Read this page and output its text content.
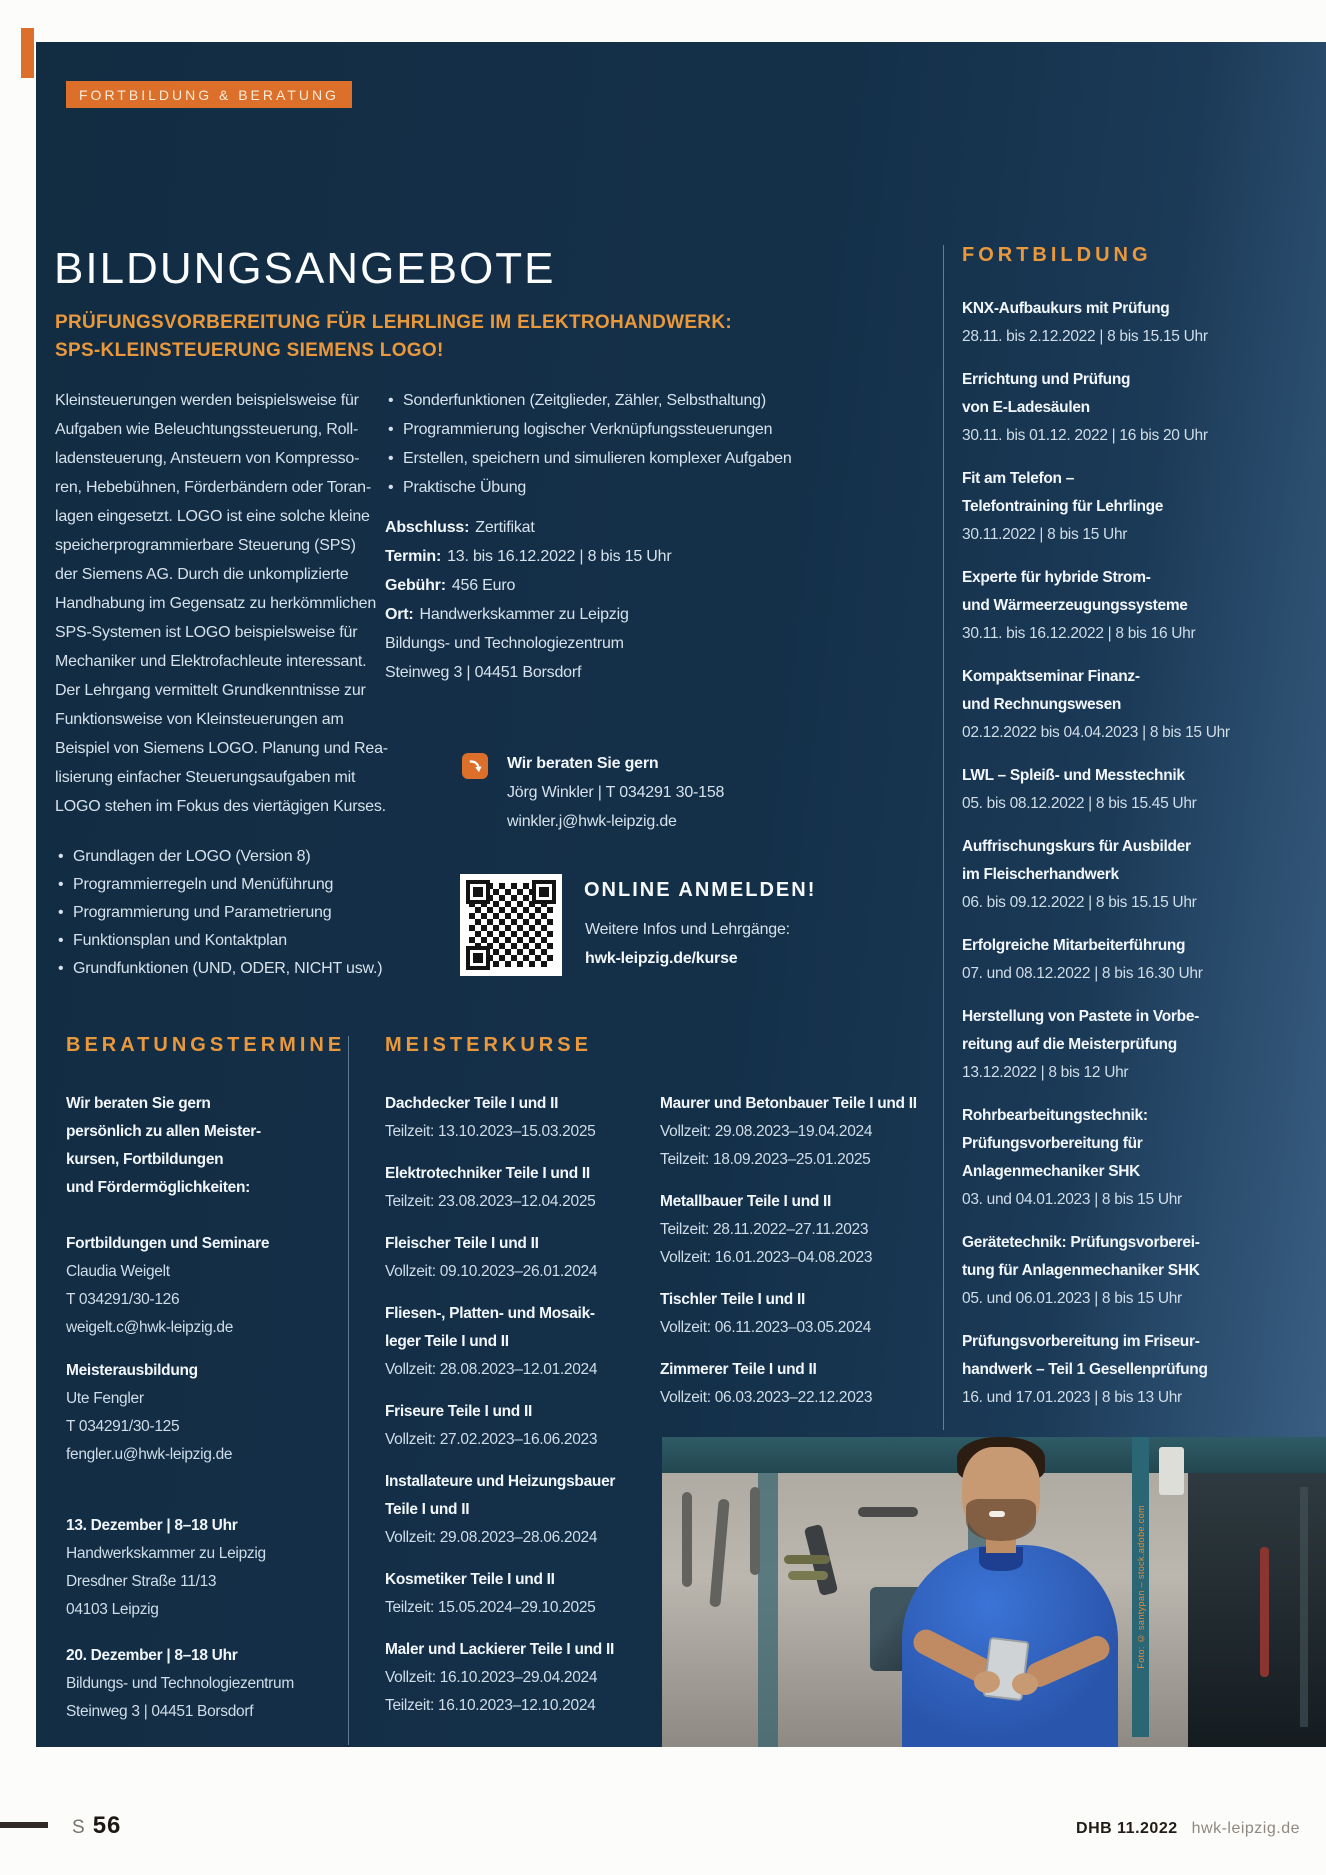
FORTBILDUNG & BERATUNG
BILDUNGSANGEBOTE
PRÜFUNGSVORBEREITUNG FÜR LEHRLINGE IM ELEKTROHANDWERK:
SPS-KLEINSTEUERUNG SIEMENS LOGO!
Kleinsteuerungen werden beispielsweise für
Aufgaben wie Beleuchtungssteuerung, Roll-
ladensteuerung, Ansteuern von Kompresso-
ren, Hebebühnen, Förderbändern oder Toran-
lagen eingesetzt. LOGO ist eine solche kleine
speicherprogrammierbare Steuerung (SPS)
der Siemens AG. Durch die unkomplizierte
Handhabung im Gegensatz zu herkömmlichen
SPS-Systemen ist LOGO beispielsweise für
Mechaniker und Elektrofachleute interessant.
Der Lehrgang vermittelt Grundkenntnisse zur
Funktionsweise von Kleinsteuerungen am
Beispiel von Siemens LOGO. Planung und Rea-
lisierung einfacher Steuerungsaufgaben mit
LOGO stehen im Fokus des viertägigen Kurses.
• Grundlagen der LOGO (Version 8)
• Programmierregeln und Menüführung
• Programmierung und Parametrierung
• Funktionsplan und Kontaktplan
• Grundfunktionen (UND, ODER, NICHT usw.)
• Sonderfunktionen (Zeitglieder, Zähler, Selbsthaltung)
• Programmierung logischer Verknüpfungssteuerungen
• Erstellen, speichern und simulieren komplexer Aufgaben
• Praktische Übung
Abschluss: Zertifikat
Termin: 13. bis 16.12.2022 | 8 bis 15 Uhr
Gebühr: 456 Euro
Ort: Handwerkskammer zu Leipzig
Bildungs- und Technologiezentrum
Steinweg 3 | 04451 Borsdorf
Wir beraten Sie gern
Jörg Winkler | T 034291 30-158
winkler.j@hwk-leipzig.de
ONLINE ANMELDEN!
Weitere Infos und Lehrgänge:
hwk-leipzig.de/kurse
BERATUNGSTERMINE
Wir beraten Sie gern
persönlich zu allen Meister-
kursen, Fortbildungen
und Fördermöglichkeiten:
Fortbildungen und Seminare
Claudia Weigelt
T 034291/30-126
weigelt.c@hwk-leipzig.de
Meisterausbildung
Ute Fengler
T 034291/30-125
fengler.u@hwk-leipzig.de
13. Dezember | 8–18 Uhr
Handwerkskammer zu Leipzig
Dresdner Straße 11/13
04103 Leipzig
20. Dezember | 8–18 Uhr
Bildungs- und Technologiezentrum
Steinweg 3 | 04451 Borsdorf
MEISTERKURSE
Dachdecker Teile I und II
Teilzeit: 13.10.2023–15.03.2025
Elektrotechniker Teile I und II
Teilzeit: 23.08.2023–12.04.2025
Fleischer Teile I und II
Vollzeit: 09.10.2023–26.01.2024
Fliesen-, Platten- und Mosaik-
leger Teile I und II
Vollzeit: 28.08.2023–12.01.2024
Friseure Teile I und II
Vollzeit: 27.02.2023–16.06.2023
Installateure und Heizungsbauer
Teile I und II
Vollzeit: 29.08.2023–28.06.2024
Kosmetiker Teile I und II
Teilzeit: 15.05.2024–29.10.2025
Maler und Lackierer Teile I und II
Vollzeit: 16.10.2023–29.04.2024
Teilzeit: 16.10.2023–12.10.2024
Maurer und Betonbauer Teile I und II
Vollzeit: 29.08.2023–19.04.2024
Teilzeit: 18.09.2023–25.01.2025
Metallbauer Teile I und II
Teilzeit: 28.11.2022–27.11.2023
Vollzeit: 16.01.2023–04.08.2023
Tischler Teile I und II
Vollzeit: 06.11.2023–03.05.2024
Zimmerer Teile I und II
Vollzeit: 06.03.2023–22.12.2023
FORTBILDUNG
KNX-Aufbaukurs mit Prüfung
28.11. bis 2.12.2022 | 8 bis 15.15 Uhr
Errichtung und Prüfung
von E-Ladesäulen
30.11. bis 01.12. 2022 | 16 bis 20 Uhr
Fit am Telefon –
Telefontraining für Lehrlinge
30.11.2022 | 8 bis 15 Uhr
Experte für hybride Strom-
und Wärmeerzeugungssysteme
30.11. bis 16.12.2022 | 8 bis 16 Uhr
Kompaktseminar Finanz-
und Rechnungswesen
02.12.2022 bis 04.04.2023 | 8 bis 15 Uhr
LWL – Spleiß- und Messtechnik
05. bis 08.12.2022 | 8 bis 15.45 Uhr
Auffrischungskurs für Ausbilder
im Fleischerhandwerk
06. bis 09.12.2022 | 8 bis 15.15 Uhr
Erfolgreiche Mitarbeiterführung
07. und 08.12.2022 | 8 bis 16.30 Uhr
Herstellung von Pastete in Vorbe-
reitung auf die Meisterprüfung
13.12.2022 | 8 bis 12 Uhr
Rohrbearbeitungstechnik:
Prüfungsvorbereitung für
Anlagenmechaniker SHK
03. und 04.01.2023 | 8 bis 15 Uhr
Gerätetechnik: Prüfungsvorberei-
tung für Anlagenmechaniker SHK
05. und 06.01.2023 | 8 bis 15 Uhr
Prüfungsvorbereitung im Friseur-
handwerk – Teil 1 Gesellenprüfung
16. und 17.01.2023 | 8 bis 13 Uhr
Foto: © santypan – stock.adobe.com
S 56	DHB 11.2022 hwk-leipzig.de
